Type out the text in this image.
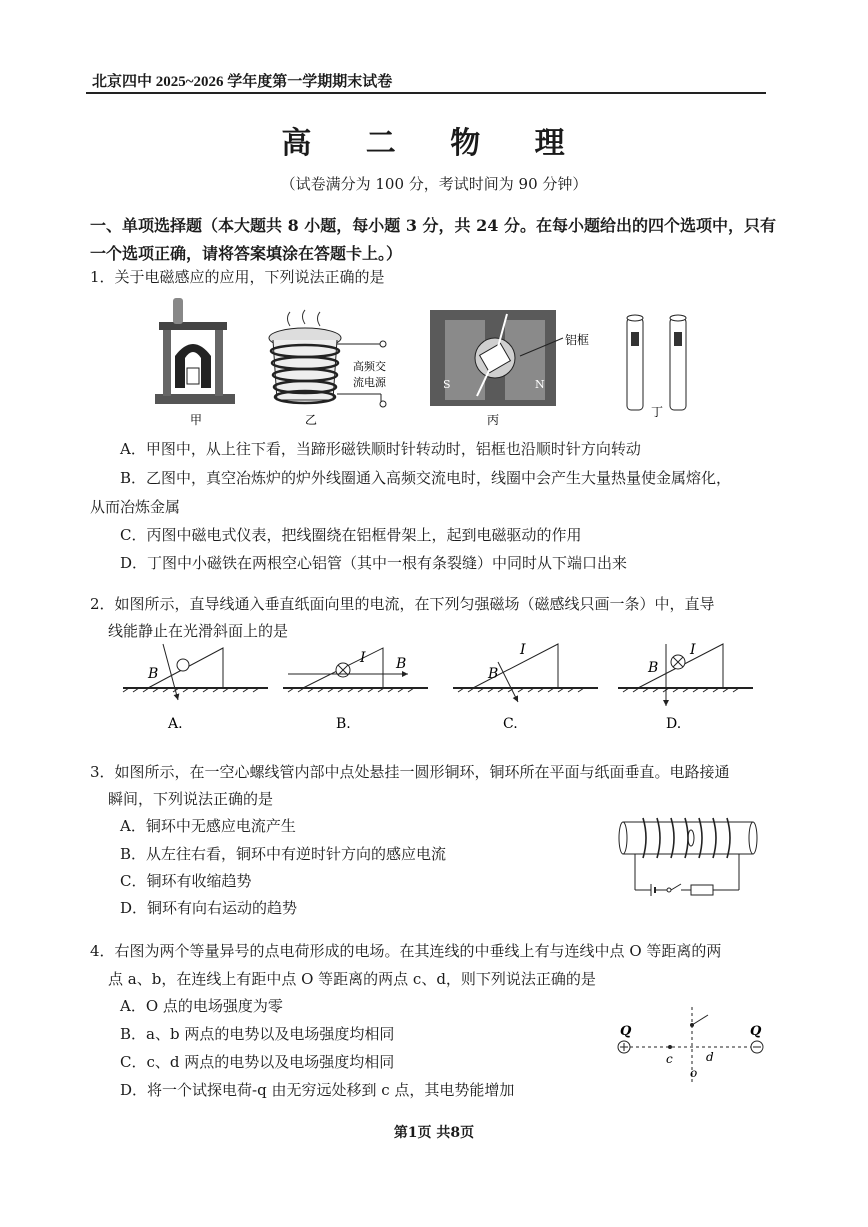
北京四中 2025~2026 学年度第一学期期末试卷
高 二 物 理
（试卷满分为 100 分，考试时间为 90 分钟）
一、单项选择题（本大题共 8 小题，每小题 3 分，共 24 分。在每小题给出的四个选项中，只有一个选项正确，请将答案填涂在答题卡上。）
1．关于电磁感应的应用，下列说法正确的是
甲
高频交
流电源
乙
S	N
铝框
丙
丁
A．甲图中，从上往下看，当蹄形磁铁顺时针转动时，铝框也沿顺时针方向转动
B．乙图中，真空冶炼炉的炉外线圈通入高频交流电时，线圈中会产生大量热量使金属熔化，
从而冶炼金属
C．丙图中磁电式仪表，把线圈绕在铝框骨架上，起到电磁驱动的作用
D．丁图中小磁铁在两根空心铝管（其中一根有条裂缝）中同时从下端口出来
2．如图所示，直导线通入垂直纸面向里的电流，在下列匀强磁场（磁感线只画一条）中，直导
线能静止在光滑斜面上的是
B
A.
I B
B.
B
I
C.
B
I
D.
3．如图所示，在一空心螺线管内部中点处悬挂一圆形铜环，铜环所在平面与纸面垂直。电路接通
瞬间，下列说法正确的是
A．铜环中无感应电流产生
B．从左往右看，铜环中有逆时针方向的感应电流
C．铜环有收缩趋势
D．铜环有向右运动的趋势
4．右图为两个等量异号的点电荷形成的电场。在其连线的中垂线上有与连线中点 O 等距离的两
点 a、b，在连线上有距中点 O 等距离的两点 c、d，则下列说法正确的是
A．O 点的电场强度为零
B．a、b 两点的电势以及电场强度均相同
C．c、d 两点的电势以及电场强度均相同
D．将一个试探电荷-q 由无穷远处移到 c 点，其电势能增加
Q	Q
c	d
o
第1页 共8页
